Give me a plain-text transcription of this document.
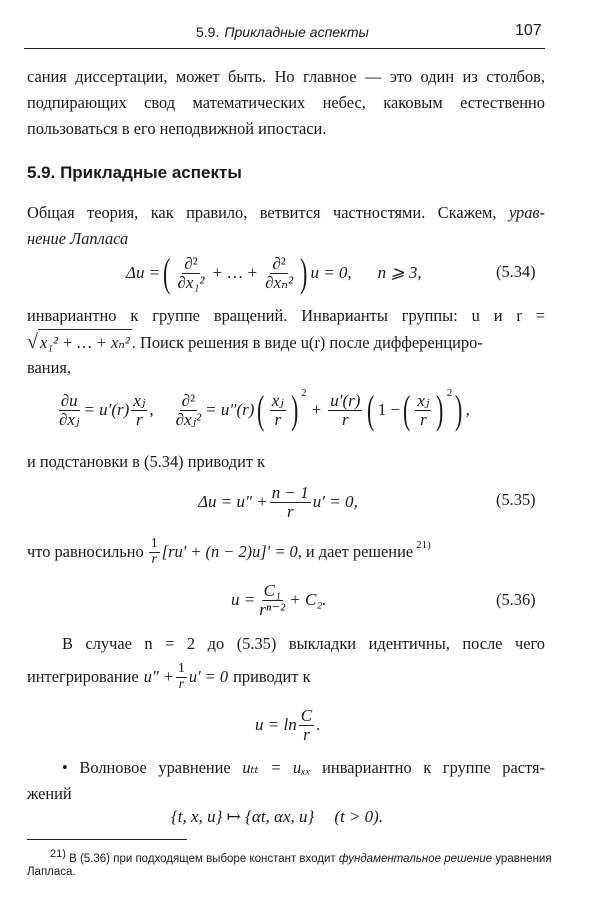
5.9. Прикладные аспекты	107
сания диссертации, может быть. Но главное — это один из столбов,
подпирающих свод математических небес, каковым естественно
пользоваться в его неподвижной ипостаси.
5.9. Прикладные аспекты
Общая теория, как правило, ветвится частностями. Скажем, урав-
нение Лапласа
Δu = ( $\frac{\text{∂²}}{\text{∂x₁²}}$ + … + $\frac{\text{∂²}}{\text{∂xₙ²}}$ ) u = 0, n ⩾ 3,	(5.34)
инвариантно к группе вращений. Инварианты группы: u и r =
√ x₁² + … + xₙ² . Поиск решения в виде u(r) после дифференциро-
вания,
$\frac{\partial u}{\text{∂xⱼ}} = u'(r) \frac{\text{xⱼ}}{r}$ , $\frac{\text{∂²}}{\text{∂xⱼ²}} = u''(r)$ ( $\frac{\text{xⱼ}}{r}$ ) $^2$
+ $\frac{u'(r)}{r}$ ( 1 − ( $\frac{\text{xⱼ}}{r}$ ) $^2$ ) ,
и подстановки в (5.34) приводит к
$\Delta u = u'' + \frac{n - 1}{r} u' = 0$,	(5.35)
что равносильно $\frac{1}{r} [ru' + (n - 2)u]' = 0$ , и дает решение $^{21)}$
$u = \frac{\text{C₁}}{\text{rⁿ⁻²}} + C_2$.	(5.36)
В случае n = 2 до (5.35) выкладки идентичны, после чего
интегрирование $u'' + \frac{1}{r} u' = 0$ приводит к
$u = \ln \frac{C}{r}$ .
• Волновое уравнение uₜₜ = uₓₓ инвариантно к группе растя-
жений
{t, x, u} ↦ {αt, αx, u} (t > 0).
$^{21)}$ В (5.36) при подходящем выборе констант входит фундаментальное решение уравнения
Лапласа.
